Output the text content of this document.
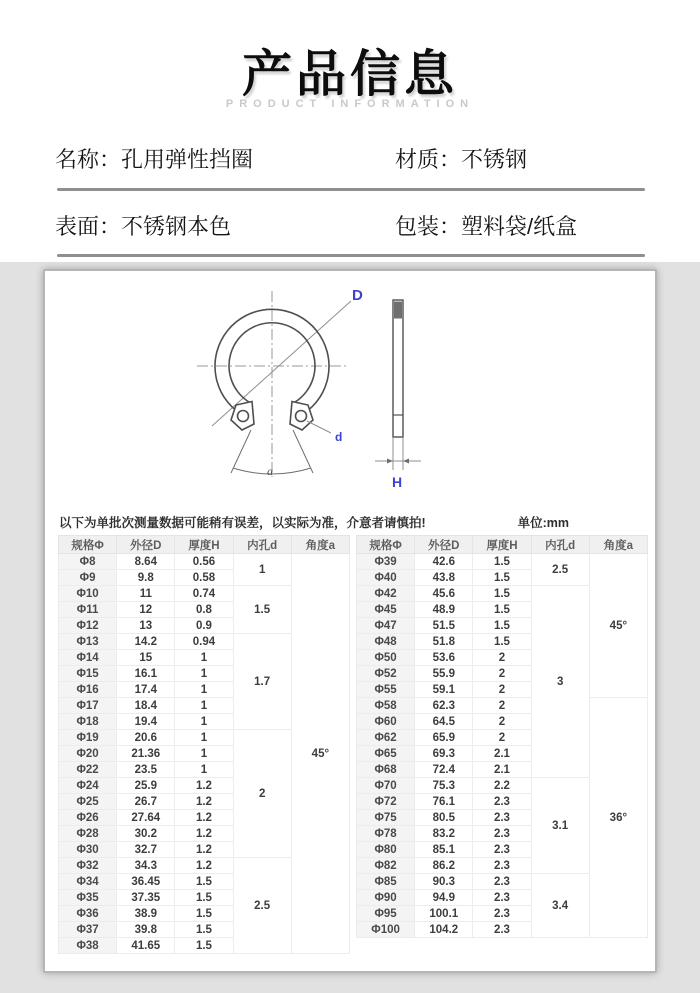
产品信息
PRODUCT INFORMATION
名称：孔用弹性挡圈	材质：不锈钢
表面：不锈钢本色	包装：塑料袋/纸盒
D
d
a
H
以下为单批次测量数据可能稍有误差，以实际为准，介意者请慎拍!	单位:mm
规格Φ	外径D	厚度H	内孔d	角度a
Φ8	8.64	0.56	1	45°
Φ9	9.8	0.58		
Φ10	11	0.74	1.5	
Φ11	12	0.8		
Φ12	13	0.9		
Φ13	14.2	0.94	1.7	
Φ14	15	1		
Φ15	16.1	1		
Φ16	17.4	1		
Φ17	18.4	1		
Φ18	19.4	1		
Φ19	20.6	1	2	
Φ20	21.36	1		
Φ22	23.5	1		
Φ24	25.9	1.2		
Φ25	26.7	1.2		
Φ26	27.64	1.2		
Φ28	30.2	1.2		
Φ30	32.7	1.2		
Φ32	34.3	1.2	2.5	
Φ34	36.45	1.5		
Φ35	37.35	1.5		
Φ36	38.9	1.5		
Φ37	39.8	1.5		
Φ38	41.65	1.5		
规格Φ	外径D	厚度H	内孔d	角度a
Φ39	42.6	1.5	2.5	45°
Φ40	43.8	1.5		
Φ42	45.6	1.5	3	
Φ45	48.9	1.5		
Φ47	51.5	1.5		
Φ48	51.8	1.5		
Φ50	53.6	2		
Φ52	55.9	2		
Φ55	59.1	2		
Φ58	62.3	2		36°
Φ60	64.5	2		
Φ62	65.9	2		
Φ65	69.3	2.1		
Φ68	72.4	2.1		
Φ70	75.3	2.2	3.1	
Φ72	76.1	2.3		
Φ75	80.5	2.3		
Φ78	83.2	2.3		
Φ80	85.1	2.3		
Φ82	86.2	2.3		
Φ85	90.3	2.3	3.4	
Φ90	94.9	2.3		
Φ95	100.1	2.3		
Φ100	104.2	2.3		
